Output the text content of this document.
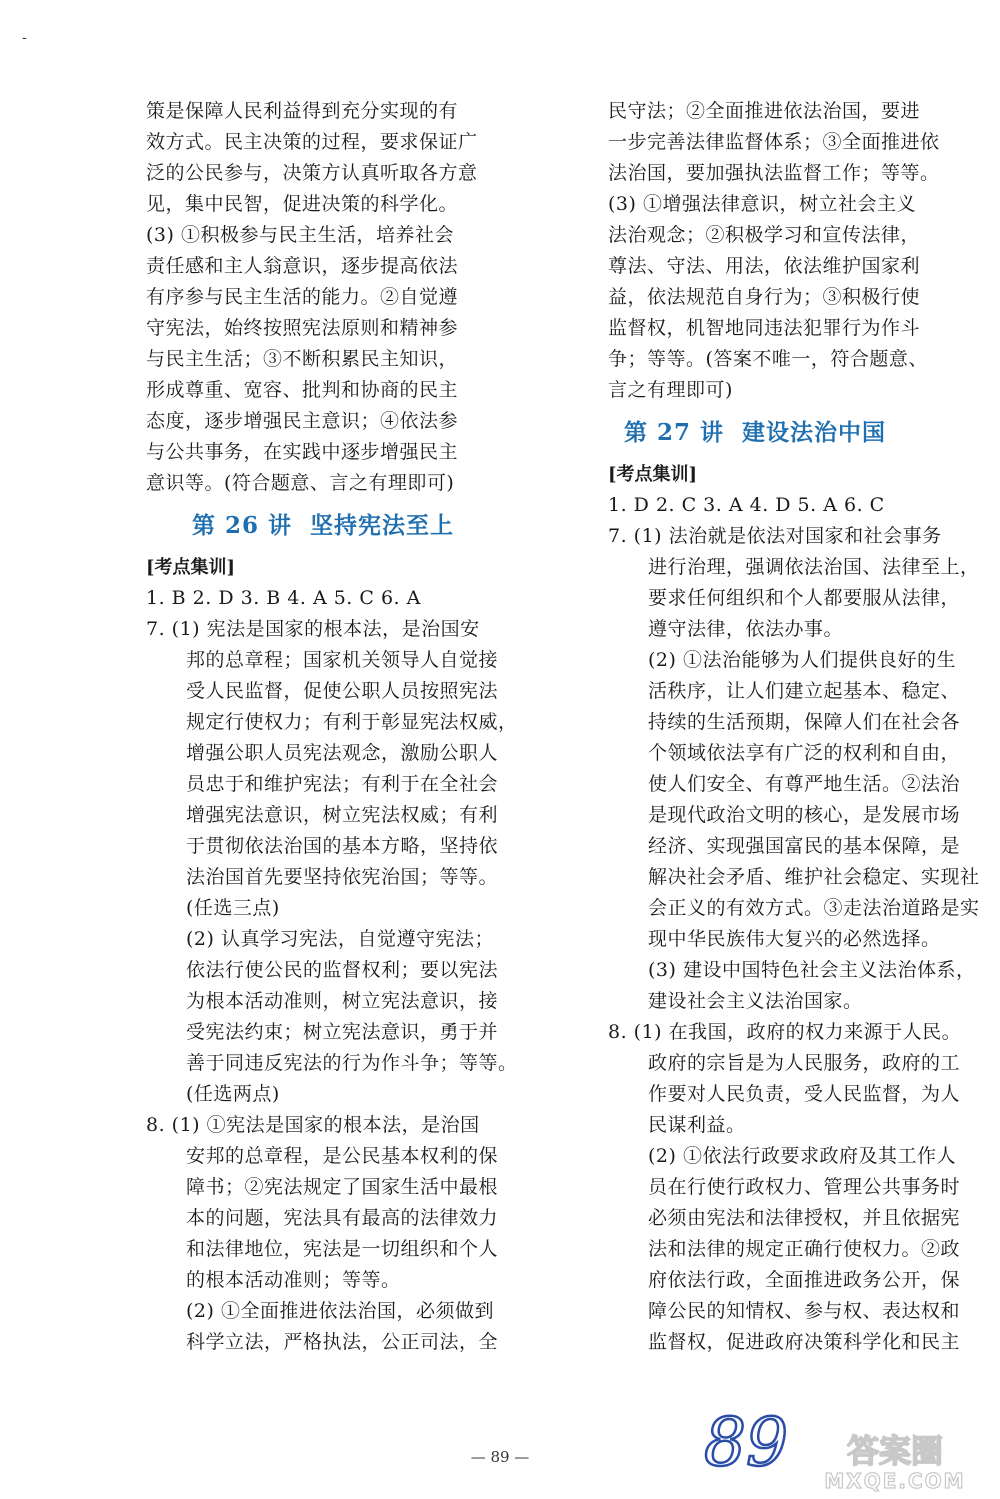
-
策是保障人民利益得到充分实现的有
效方式。民主决策的过程，要求保证广
泛的公民参与，决策方认真听取各方意
见，集中民智，促进决策的科学化。
(3) ①积极参与民主生活，培养社会
责任感和主人翁意识，逐步提高依法
有序参与民主生活的能力。②自觉遵
守宪法，始终按照宪法原则和精神参
与民主生活；③不断积累民主知识，
形成尊重、宽容、批判和协商的民主
态度，逐步增强民主意识；④依法参
与公共事务，在实践中逐步增强民主
意识等。(符合题意、言之有理即可)
第 26 讲 坚持宪法至上
[考点集训]
1. B 2. D 3. B 4. A 5. C 6. A
7. (1) 宪法是国家的根本法，是治国安
邦的总章程；国家机关领导人自觉接
受人民监督，促使公职人员按照宪法
规定行使权力；有利于彰显宪法权威，
增强公职人员宪法观念，激励公职人
员忠于和维护宪法；有利于在全社会
增强宪法意识，树立宪法权威；有利
于贯彻依法治国的基本方略，坚持依
法治国首先要坚持依宪治国；等等。
(任选三点)
(2) 认真学习宪法，自觉遵守宪法；
依法行使公民的监督权利；要以宪法
为根本活动准则，树立宪法意识，接
受宪法约束；树立宪法意识，勇于并
善于同违反宪法的行为作斗争；等等。
(任选两点)
8. (1) ①宪法是国家的根本法，是治国
安邦的总章程，是公民基本权利的保
障书；②宪法规定了国家生活中最根
本的问题，宪法具有最高的法律效力
和法律地位，宪法是一切组织和个人
的根本活动准则；等等。
(2) ①全面推进依法治国，必须做到
科学立法，严格执法，公正司法，全
民守法；②全面推进依法治国，要进
一步完善法律监督体系；③全面推进依
法治国，要加强执法监督工作；等等。
(3) ①增强法律意识，树立社会主义
法治观念；②积极学习和宣传法律，
尊法、守法、用法，依法维护国家利
益，依法规范自身行为；③积极行使
监督权，机智地同违法犯罪行为作斗
争；等等。(答案不唯一，符合题意、
言之有理即可)
第 27 讲 建设法治中国
[考点集训]
1. D 2. C 3. A 4. D 5. A 6. C
7. (1) 法治就是依法对国家和社会事务
进行治理，强调依法治国、法律至上，
要求任何组织和个人都要服从法律，
遵守法律，依法办事。
(2) ①法治能够为人们提供良好的生
活秩序，让人们建立起基本、稳定、
持续的生活预期，保障人们在社会各
个领域依法享有广泛的权利和自由，
使人们安全、有尊严地生活。②法治
是现代政治文明的核心，是发展市场
经济、实现强国富民的基本保障，是
解决社会矛盾、维护社会稳定、实现社
会正义的有效方式。③走法治道路是实
现中华民族伟大复兴的必然选择。
(3) 建设中国特色社会主义法治体系，
建设社会主义法治国家。
8. (1) 在我国，政府的权力来源于人民。
政府的宗旨是为人民服务，政府的工
作要对人民负责，受人民监督，为人
民谋利益。
(2) ①依法行政要求政府及其工作人
员在行使行政权力、管理公共事务时
必须由宪法和法律授权，并且依据宪
法和法律的规定正确行使权力。②政
府依法行政，全面推进政务公开，保
障公民的知情权、参与权、表达权和
监督权，促进政府决策科学化和民主
— 89 —	89 答案圈
MXQE.COM
